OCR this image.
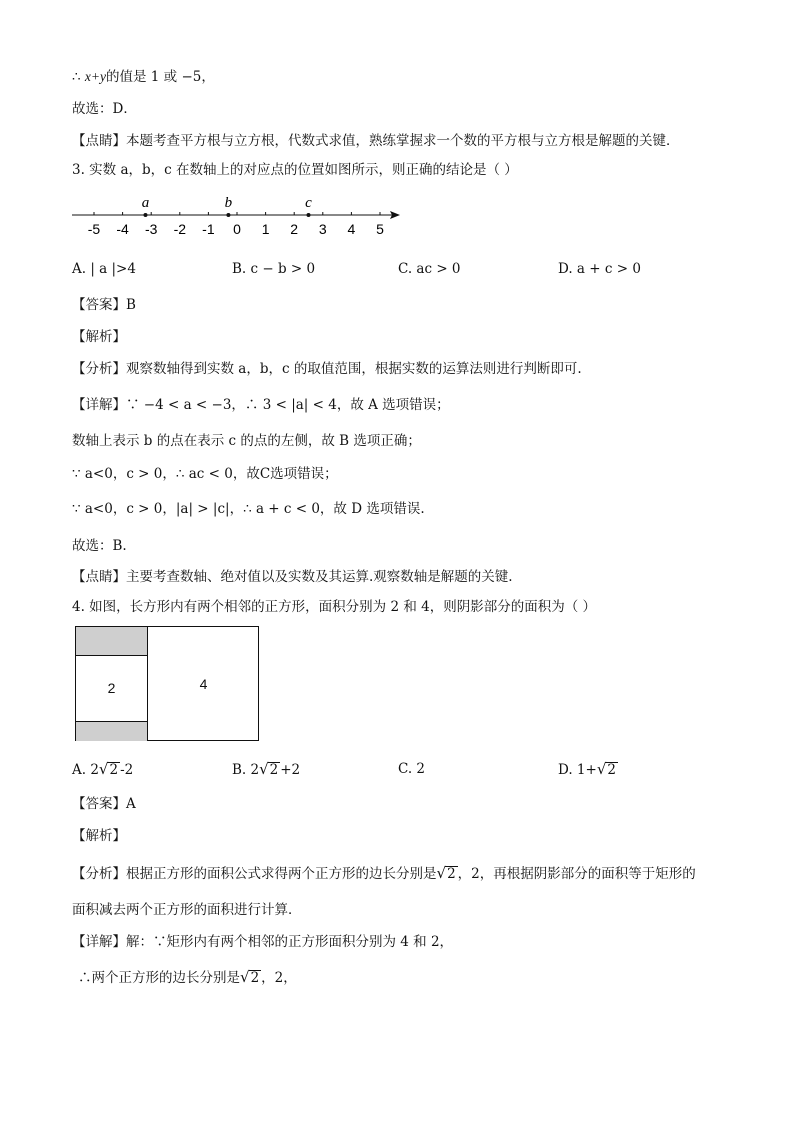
∴ x+y的值是 1 或 −5，
故选：D．
【点睛】本题考查平方根与立方根，代数式求值，熟练掌握求一个数的平方根与立方根是解题的关键．
3. 实数 a，b，c 在数轴上的对应点的位置如图所示，则正确的结论是（ ）
-5 -4 -3 -2 -1 0 1 2 3 4 5
a	b	c
A. | a |>4	B. c − b > 0	C. ac > 0	D. a + c > 0
【答案】B
【解析】
【分析】观察数轴得到实数 a，b，c 的取值范围，根据实数的运算法则进行判断即可.
【详解】∵ −4 < a < −3，∴ 3 < |a| < 4，故 A 选项错误；
数轴上表示 b 的点在表示 c 的点的左侧，故 B 选项正确；
∵ a<0，c > 0，∴ ac < 0，故C选项错误；
∵ a<0，c > 0，|a| > |c|，∴ a + c < 0，故 D 选项错误.
故选：B.
【点睛】主要考查数轴、绝对值以及实数及其运算.观察数轴是解题的关键.
4. 如图，长方形内有两个相邻的正方形，面积分别为 2 和 4，则阴影部分的面积为（ ）
2	4
A. 2√2 -2	B. 2√2 +2	C. 2	D. 1+√2
【答案】A
【解析】
【分析】根据正方形的面积公式求得两个正方形的边长分别是√2 ，2，再根据阴影部分的面积等于矩形的
面积减去两个正方形的面积进行计算．
【详解】解：∵矩形内有两个相邻的正方形面积分别为 4 和 2，
∴两个正方形的边长分别是√2 ，2，
